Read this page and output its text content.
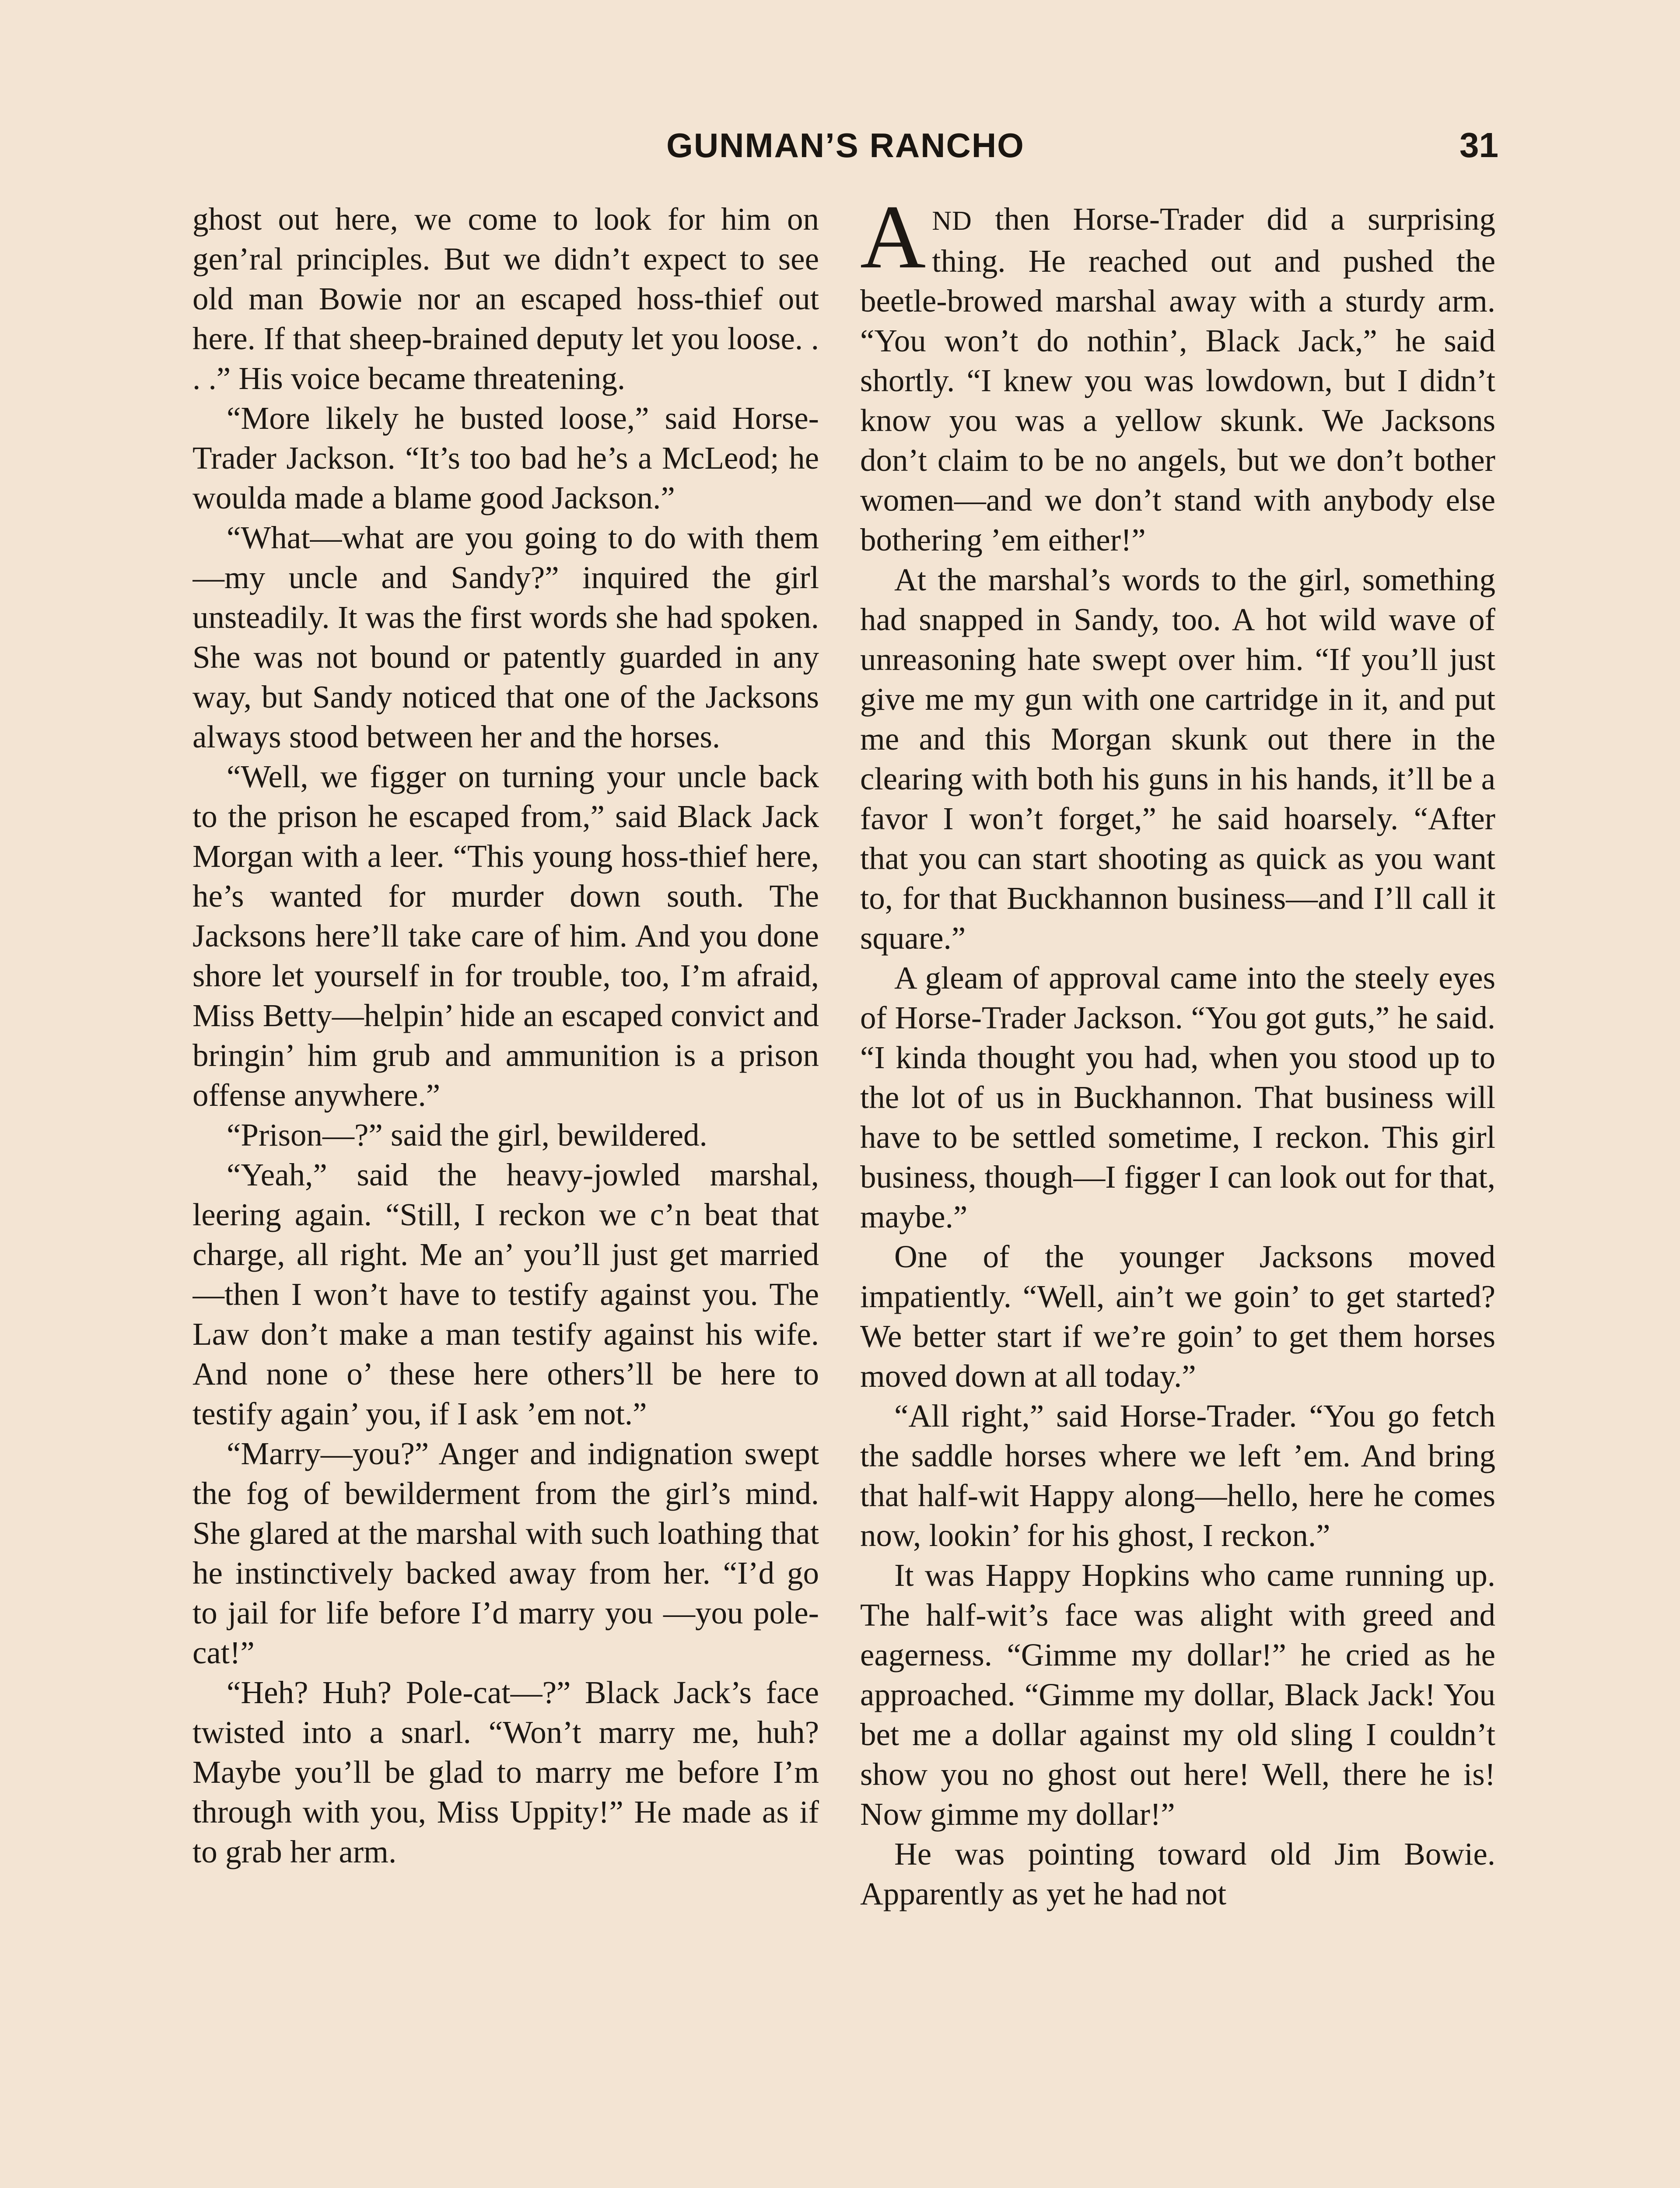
GUNMAN’S RANCHO	31

ghost out here, we come to look for him on gen’ral principles. But we didn’t expect to see old man Bowie nor an escaped hoss-thief out here. If that sheep-brained deputy let you loose. . . .” His voice became threatening.

“More likely he busted loose,” said Horse-Trader Jackson. “It’s too bad he’s a McLeod; he woulda made a blame good Jackson.”

“What—what are you going to do with them—my uncle and Sandy?” inquired the girl unsteadily. It was the first words she had spoken. She was not bound or patently guarded in any way, but Sandy noticed that one of the Jacksons always stood between her and the horses.

“Well, we figger on turning your uncle back to the prison he escaped from,” said Black Jack Morgan with a leer. “This young hoss-thief here, he’s wanted for murder down south. The Jacksons here’ll take care of him. And you done shore let yourself in for trouble, too, I’m afraid, Miss Betty—helpin’ hide an escaped convict and bringin’ him grub and ammunition is a prison offense anywhere.”

“Prison—?” said the girl, bewildered.

“Yeah,” said the heavy-jowled marshal, leering again. “Still, I reckon we c’n beat that charge, all right. Me an’ you’ll just get married—then I won’t have to testify against you. The Law don’t make a man testify against his wife. And none o’ these here others’ll be here to testify again’ you, if I ask ’em not.”

“Marry—you?” Anger and indignation swept the fog of bewilderment from the girl’s mind. She glared at the marshal with such loathing that he instinctively backed away from her. “I’d go to jail for life before I’d marry you —you pole-cat!”

“Heh? Huh? Pole-cat—?” Black Jack’s face twisted into a snarl. “Won’t marry me, huh? Maybe you’ll be glad to marry me before I’m through with you, Miss Uppity!” He made as if to grab her arm.

AND then Horse-Trader did a surprising thing. He reached out and pushed the beetle-browed marshal away with a sturdy arm. “You won’t do nothin’, Black Jack,” he said shortly. “I knew you was lowdown, but I didn’t know you was a yellow skunk. We Jacksons don’t claim to be no angels, but we don’t bother women—and we don’t stand with anybody else bothering ’em either!”

At the marshal’s words to the girl, something had snapped in Sandy, too. A hot wild wave of unreasoning hate swept over him. “If you’ll just give me my gun with one cartridge in it, and put me and this Morgan skunk out there in the clearing with both his guns in his hands, it’ll be a favor I won’t forget,” he said hoarsely. “After that you can start shooting as quick as you want to, for that Buckhannon business—and I’ll call it square.”

A gleam of approval came into the steely eyes of Horse-Trader Jackson. “You got guts,” he said. “I kinda thought you had, when you stood up to the lot of us in Buckhannon. That business will have to be settled sometime, I reckon. This girl business, though—I figger I can look out for that, maybe.”

One of the younger Jacksons moved impatiently. “Well, ain’t we goin’ to get started? We better start if we’re goin’ to get them horses moved down at all today.”

“All right,” said Horse-Trader. “You go fetch the saddle horses where we left ’em. And bring that half-wit Happy along—hello, here he comes now, lookin’ for his ghost, I reckon.”

It was Happy Hopkins who came running up. The half-wit’s face was alight with greed and eagerness. “Gimme my dollar!” he cried as he approached. “Gimme my dollar, Black Jack! You bet me a dollar against my old sling I couldn’t show you no ghost out here! Well, there he is! Now gimme my dollar!”

He was pointing toward old Jim Bowie. Apparently as yet he had not
